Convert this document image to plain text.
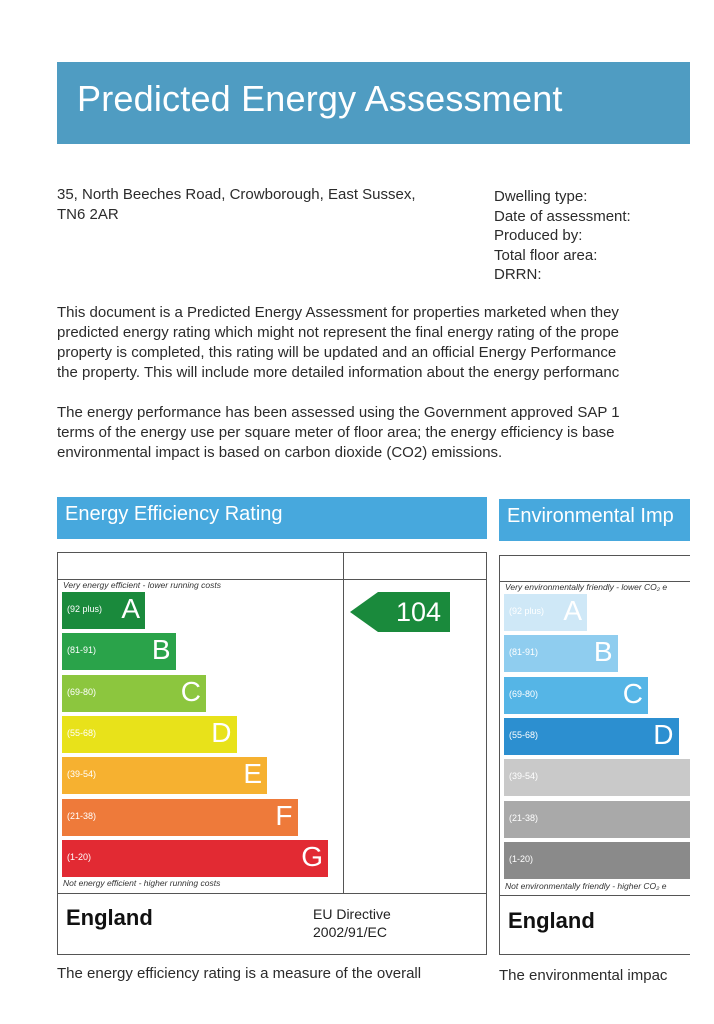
Predicted Energy Assessment
35, North Beeches Road, Crowborough, East Sussex,
TN6 2AR
Dwelling type:
Date of assessment:
Produced by:
Total floor area:
DRRN:
This document is a Predicted Energy Assessment for properties marketed when they
predicted energy rating which might not represent the final energy rating of the prope
property is completed, this rating will be updated and an official Energy Performance
the property. This will include more detailed information about the energy performanc
The energy performance has been assessed using the Government approved SAP 1
terms of the energy use per square meter of floor area; the energy efficiency is base
environmental impact is based on carbon dioxide (CO2) emissions.
Energy Efficiency Rating
Very energy efficient - lower running costs
Not energy efficient - higher running costs
(92 plus) A
(81-91) B
(69-80)	C
(55-68)	D
(39-54)	E
(21-38)	F
(1-20)	G
104
England	EU Directive
2002/91/EC
Environmental Imp
Very environmentally friendly - lower CO₂ e
Not environmentally friendly - higher CO₂ e
(92 plus) A
(81-91) B
(69-80)	C
(55-68)	D
(39-54)
(21-38)
(1-20)
England
The energy efficiency rating is a measure of the overall	The environmental impac
